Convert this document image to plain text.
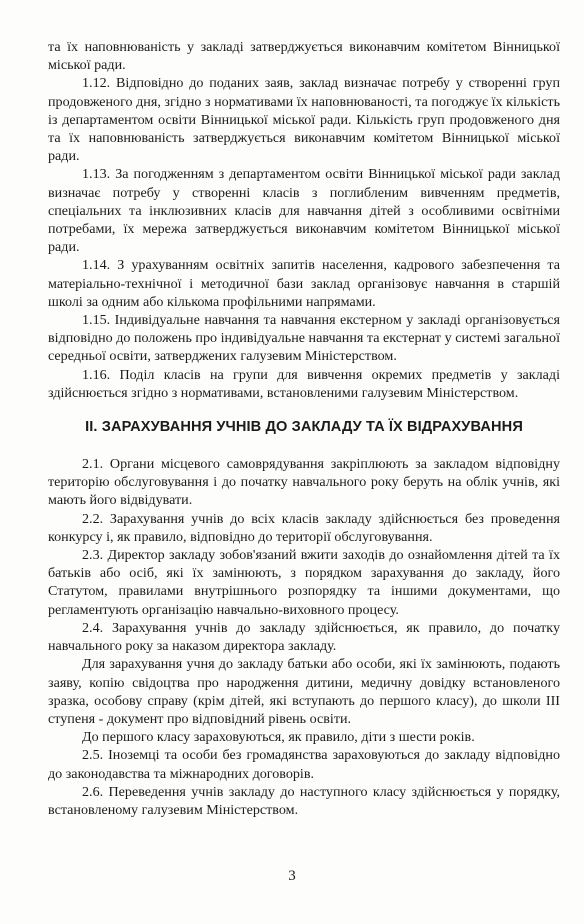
та їх наповнюваність у закладі затверджується виконавчим комітетом Вінницької міської ради.

1.12. Відповідно до поданих заяв, заклад визначає потребу у створенні груп продовженого дня, згідно з нормативами їх наповнюваності, та погоджує їх кількість із департаментом освіти Вінницької міської ради. Кількість груп продовженого дня та їх наповнюваність затверджується виконавчим комітетом Вінницької міської ради.

1.13. За погодженням з департаментом освіти Вінницької міської ради заклад визначає потребу у створенні класів з поглибленим вивченням предметів, спеціальних та інклюзивних класів для навчання дітей з особливими освітніми потребами, їх мережа затверджується виконавчим комітетом Вінницької міської ради.

1.14. З урахуванням освітніх запитів населення, кадрового забезпечення та матеріально-технічної і методичної бази заклад організовує навчання в старшій школі за одним або кількома профільними напрямами.

1.15. Індивідуальне навчання та навчання екстерном у закладі організовується відповідно до положень про індивідуальне навчання та екстернат у системі загальної середньої освіти, затверджених галузевим Міністерством.

1.16. Поділ класів на групи для вивчення окремих предметів у закладі здійснюється згідно з нормативами, встановленими галузевим Міністерством.

ІІ. ЗАРАХУВАННЯ УЧНІВ ДО ЗАКЛАДУ ТА ЇХ ВІДРАХУВАННЯ

2.1. Органи місцевого самоврядування закріплюють за закладом відповідну територію обслуговування і до початку навчального року беруть на облік учнів, які мають його відвідувати.

2.2. Зарахування учнів до всіх класів закладу здійснюється без проведення конкурсу і, як правило, відповідно до території обслуговування.

2.3. Директор закладу зобов'язаний вжити заходів до ознайомлення дітей та їх батьків або осіб, які їх замінюють, з порядком зарахування до закладу, його Статутом, правилами внутрішнього розпорядку та іншими документами, що регламентують організацію навчально-виховного процесу.

2.4. Зарахування учнів до закладу здійснюється, як правило, до початку навчального року за наказом директора закладу.

Для зарахування учня до закладу батьки або особи, які їх замінюють, подають заяву, копію свідоцтва про народження дитини, медичну довідку встановленого зразка, особову справу (крім дітей, які вступають до першого класу), до школи ІІІ ступеня - документ про відповідний рівень освіти.

До першого класу зараховуються, як правило, діти з шести років.

2.5. Іноземці та особи без громадянства зараховуються до закладу відповідно до законодавства та міжнародних договорів.

2.6. Переведення учнів закладу до наступного класу здійснюється у порядку, встановленому галузевим Міністерством.

3
